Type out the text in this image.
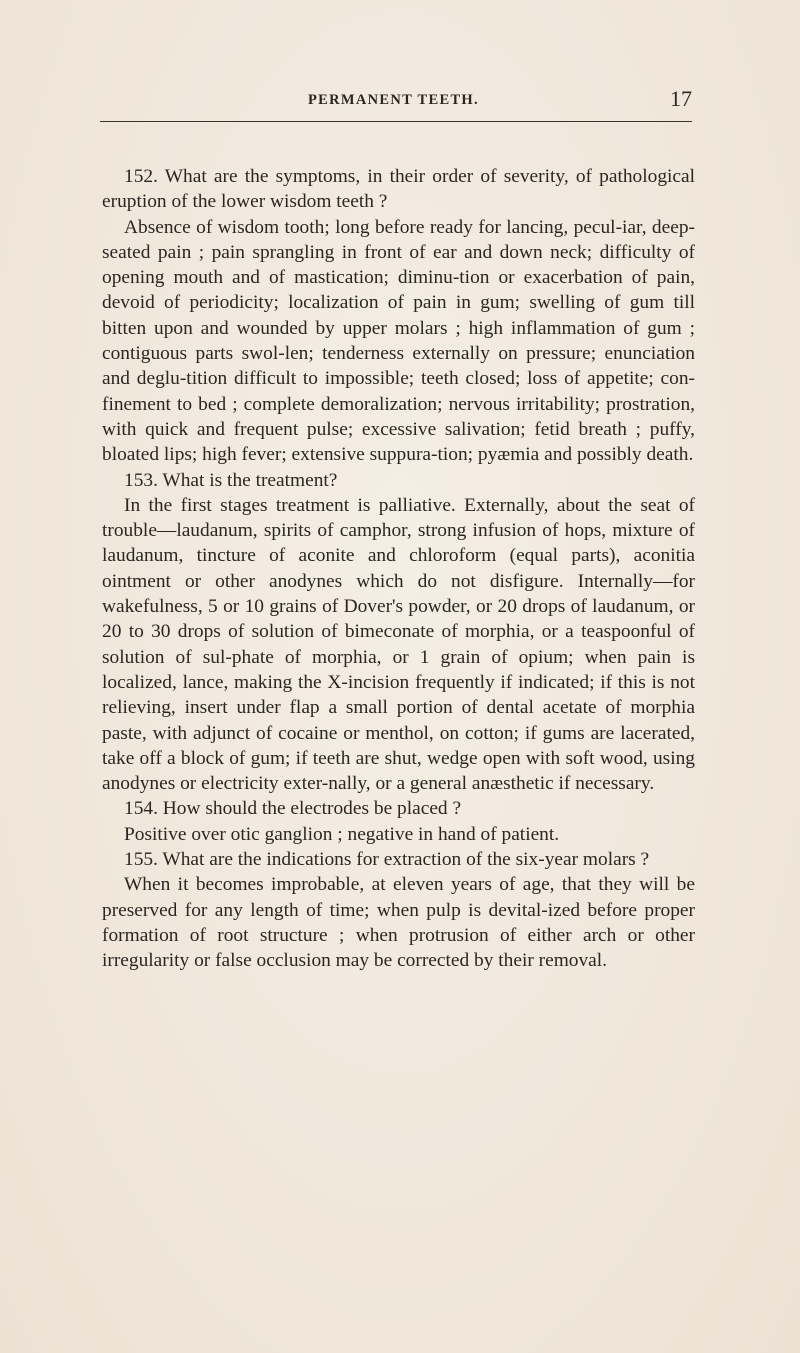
PERMANENT TEETH.	17

152. What are the symptoms, in their order of severity, of pathological eruption of the lower wisdom teeth ?

Absence of wisdom tooth; long before ready for lancing, pecul-iar, deep-seated pain ; pain sprangling in front of ear and down neck; difficulty of opening mouth and of mastication; diminu-tion or exacerbation of pain, devoid of periodicity; localization of pain in gum; swelling of gum till bitten upon and wounded by upper molars ; high inflammation of gum ; contiguous parts swol-len; tenderness externally on pressure; enunciation and deglu-tition difficult to impossible; teeth closed; loss of appetite; con-finement to bed ; complete demoralization; nervous irritability; prostration, with quick and frequent pulse; excessive salivation; fetid breath ; puffy, bloated lips; high fever; extensive suppura-tion; pyæmia and possibly death.

153. What is the treatment?

In the first stages treatment is palliative. Externally, about the seat of trouble—laudanum, spirits of camphor, strong infusion of hops, mixture of laudanum, tincture of aconite and chloroform (equal parts), aconitia ointment or other anodynes which do not disfigure. Internally—for wakefulness, 5 or 10 grains of Dover's powder, or 20 drops of laudanum, or 20 to 30 drops of solution of bimeconate of morphia, or a teaspoonful of solution of sul-phate of morphia, or 1 grain of opium; when pain is localized, lance, making the X-incision frequently if indicated; if this is not relieving, insert under flap a small portion of dental acetate of morphia paste, with adjunct of cocaine or menthol, on cotton; if gums are lacerated, take off a block of gum; if teeth are shut, wedge open with soft wood, using anodynes or electricity exter-nally, or a general anæsthetic if necessary.

154. How should the electrodes be placed ?

Positive over otic ganglion ; negative in hand of patient.

155. What are the indications for extraction of the six-year molars ?

When it becomes improbable, at eleven years of age, that they will be preserved for any length of time; when pulp is devital-ized before proper formation of root structure ; when protrusion of either arch or other irregularity or false occlusion may be corrected by their removal.
